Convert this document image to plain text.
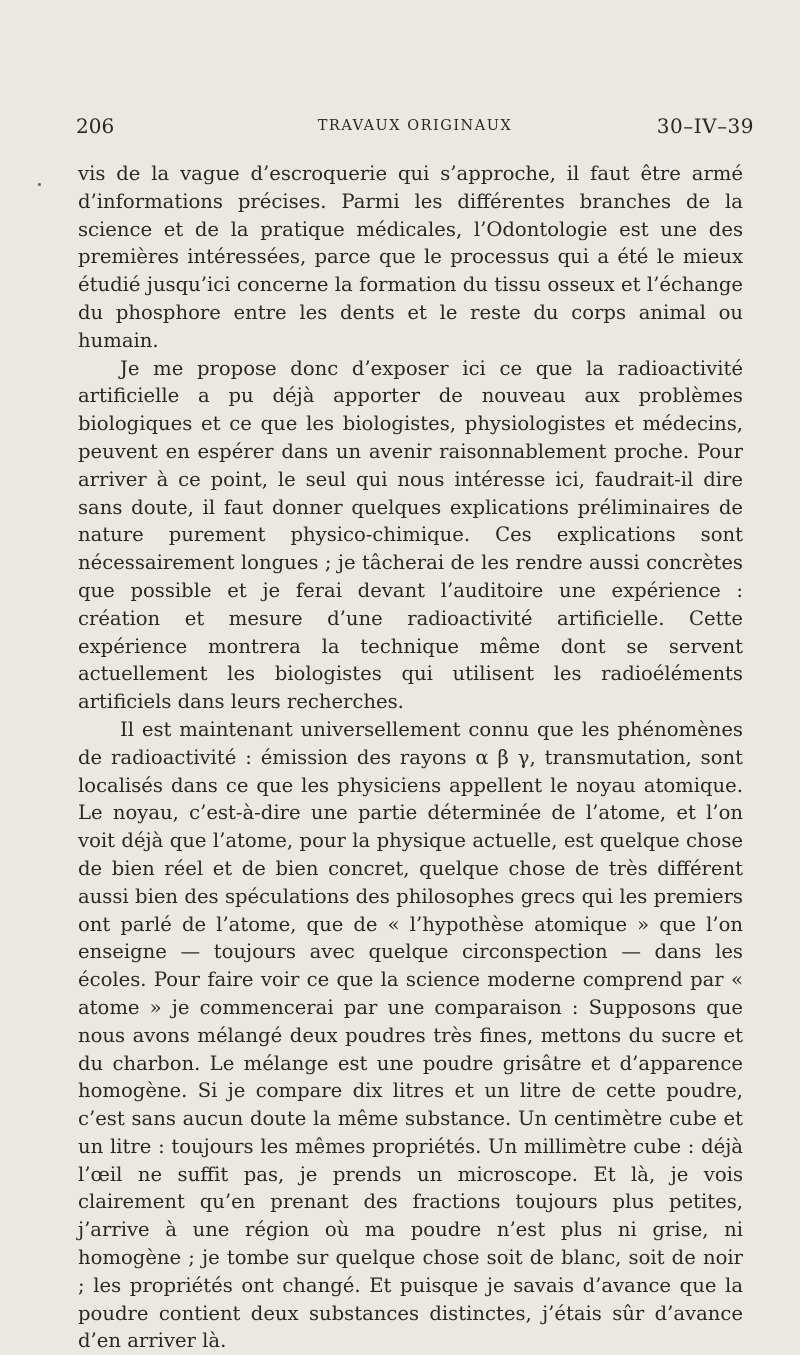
206	TRAVAUX ORIGINAUX	30–IV–39

vis de la vague d’escroquerie qui s’approche, il faut être armé d’informations précises. Parmi les différentes branches de la science et de la pratique médicales, l’Odontologie est une des premières intéressées, parce que le processus qui a été le mieux étudié jusqu’ici concerne la formation du tissu osseux et l’échange du phosphore entre les dents et le reste du corps animal ou humain.

Je me propose donc d’exposer ici ce que la radioactivité artificielle a pu déjà apporter de nouveau aux problèmes biologiques et ce que les biologistes, physiologistes et médecins, peuvent en espérer dans un avenir raisonnablement proche. Pour arriver à ce point, le seul qui nous intéresse ici, faudrait-il dire sans doute, il faut donner quelques explications préliminaires de nature purement physico-chimique. Ces explications sont nécessairement longues ; je tâcherai de les rendre aussi concrètes que possible et je ferai devant l’auditoire une expérience : création et mesure d’une radioactivité artificielle. Cette expérience montrera la technique même dont se servent actuellement les biologistes qui utilisent les radioéléments artificiels dans leurs recherches.

Il est maintenant universellement connu que les phénomènes de radioactivité : émission des rayons α β γ, transmutation, sont localisés dans ce que les physiciens appellent le noyau atomique. Le noyau, c’est-à-dire une partie déterminée de l’atome, et l’on voit déjà que l’atome, pour la physique actuelle, est quelque chose de bien réel et de bien concret, quelque chose de très différent aussi bien des spéculations des philosophes grecs qui les premiers ont parlé de l’atome, que de « l’hypothèse atomique » que l’on enseigne — toujours avec quelque circonspection — dans les écoles. Pour faire voir ce que la science moderne comprend par « atome » je commencerai par une comparaison : Supposons que nous avons mélangé deux poudres très fines, mettons du sucre et du charbon. Le mélange est une poudre grisâtre et d’apparence homogène. Si je compare dix litres et un litre de cette poudre, c’est sans aucun doute la même substance. Un centimètre cube et un litre : toujours les mêmes propriétés. Un millimètre cube : déjà l’œil ne suffit pas, je prends un microscope. Et là, je vois clairement qu’en prenant des fractions toujours plus petites, j’arrive à une région où ma poudre n’est plus ni grise, ni homogène ; je tombe sur quelque chose soit de blanc, soit de noir ; les propriétés ont changé. Et puisque je savais d’avance que la poudre contient deux substances distinctes, j’étais sûr d’avance d’en arriver là.
